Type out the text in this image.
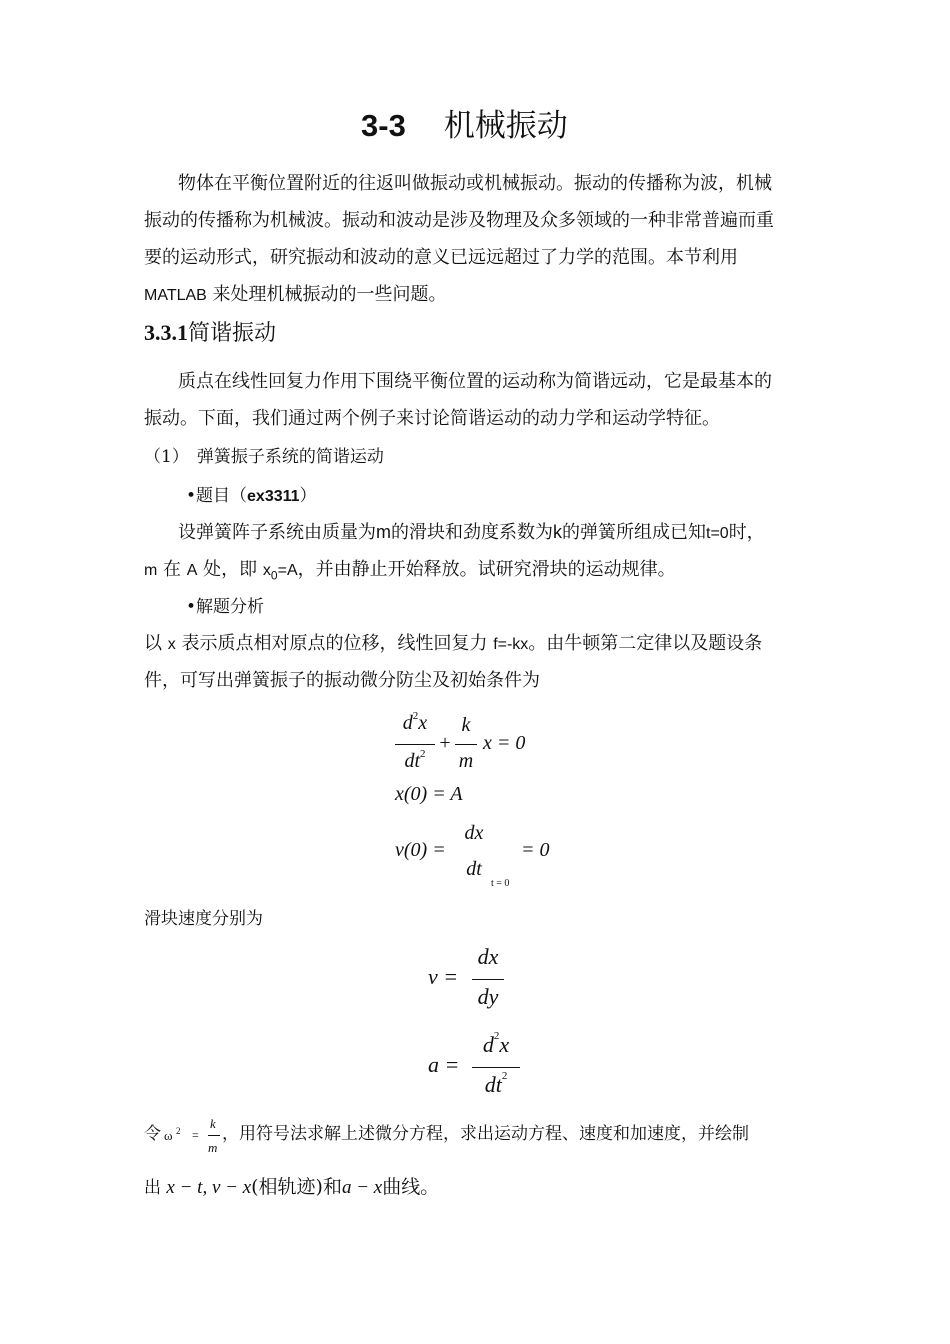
3-3 机械振动
物体在平衡位置附近的往返叫做振动或机械振动。振动的传播称为波，机械
振动的传播称为机械波。振动和波动是涉及物理及众多领域的一种非常普遍而重
要的运动形式，研究振动和波动的意义已远远超过了力学的范围。本节利用
MATLAB 来处理机械振动的一些问题。
3.3.1简谐振动
质点在线性回复力作用下围绕平衡位置的运动称为简谐远动，它是最基本的
振动。下面，我们通过两个例子来讨论简谐运动的动力学和运动学特征。
（1） 弹簧振子系统的简谐运动
•题目（ex3311）
设弹簧阵子系统由质量为m的滑块和劲度系数为k的弹簧所组成已知t=0时，
m 在 A 处，即 $x_0=A$，并由静止开始释放。试研究滑块的运动规律。
•解题分析
以 x 表示质点相对原点的位移，线性回复力 f=-kx。由牛顿第二定律以及题设条
件，可写出弹簧振子的振动微分防尘及初始条件为
$d^2x$
$dt^2$ +
k
m
x = 0
x(0) = A
v(0) =
dx
dt
t = 0
= 0
滑块速度分别为
v =
dx
dy
a =
$d^2x$
$dt^2$
令 ω 2 =
k
m
，用符号法求解上述微分方程，求出运动方程、速度和加速度，并绘制
出 x − t, v − x(相轨迹)和a − x曲线。
